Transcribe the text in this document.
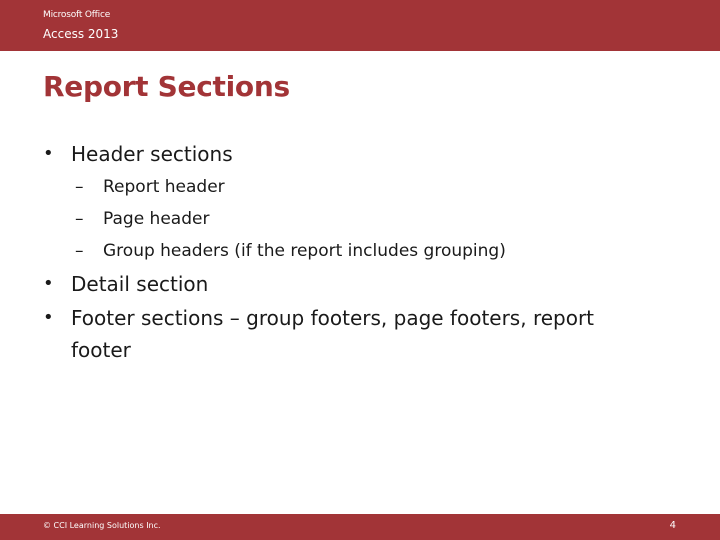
Microsoft Office
Access 2013
Report Sections
• Header sections
– Report header
– Page header
– Group headers (if the report includes grouping)
• Detail section
• Footer sections – group footers, page footers, report footer
© CCI Learning Solutions Inc.	4
